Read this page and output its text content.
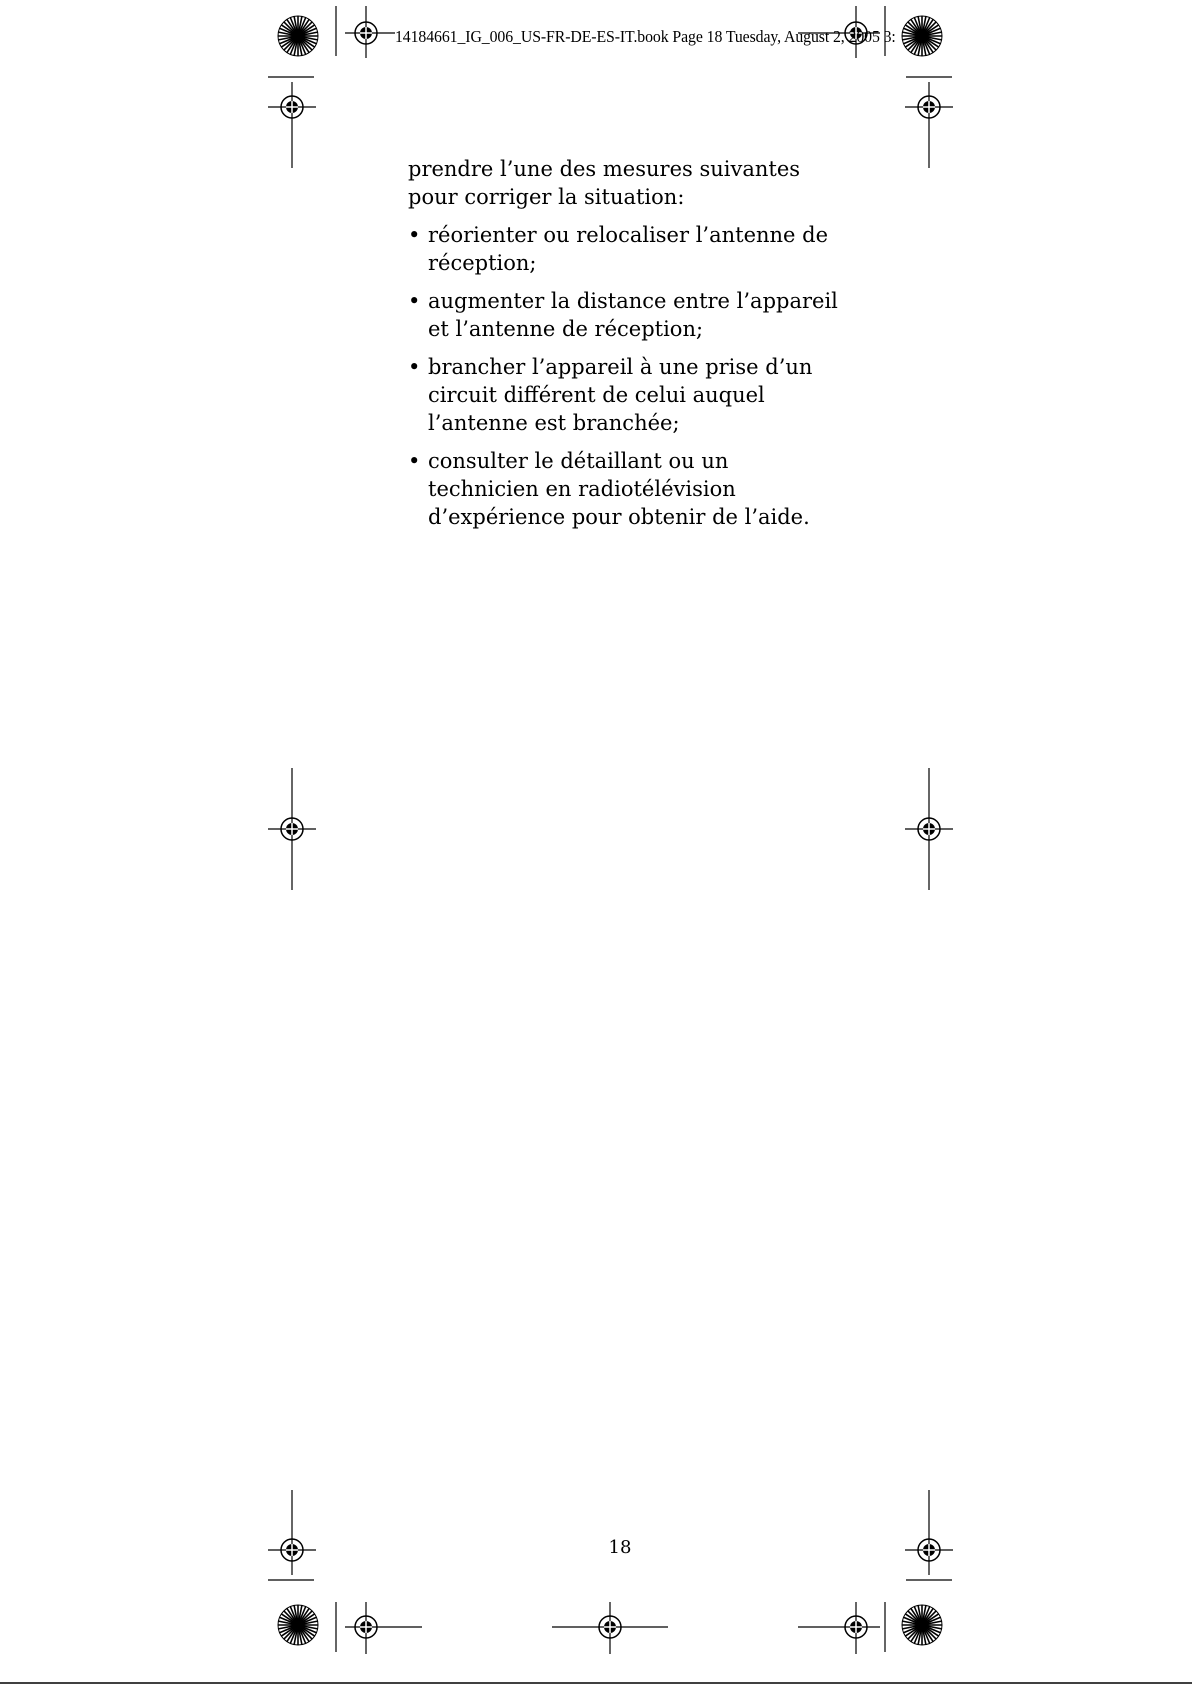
14184661_IG_006_US-FR-DE-ES-IT.book Page 18 Tuesday, August 2, 2005 3:

prendre l’une des mesures suivantes pour corriger la situation:

• réorienter ou relocaliser l’antenne de réception;
• augmenter la distance entre l’appareil et l’antenne de réception;
• brancher l’appareil à une prise d’un circuit différent de celui auquel l’antenne est branchée;
• consulter le détaillant ou un technicien en radiotélévision d’expérience pour obtenir de l’aide.
18
